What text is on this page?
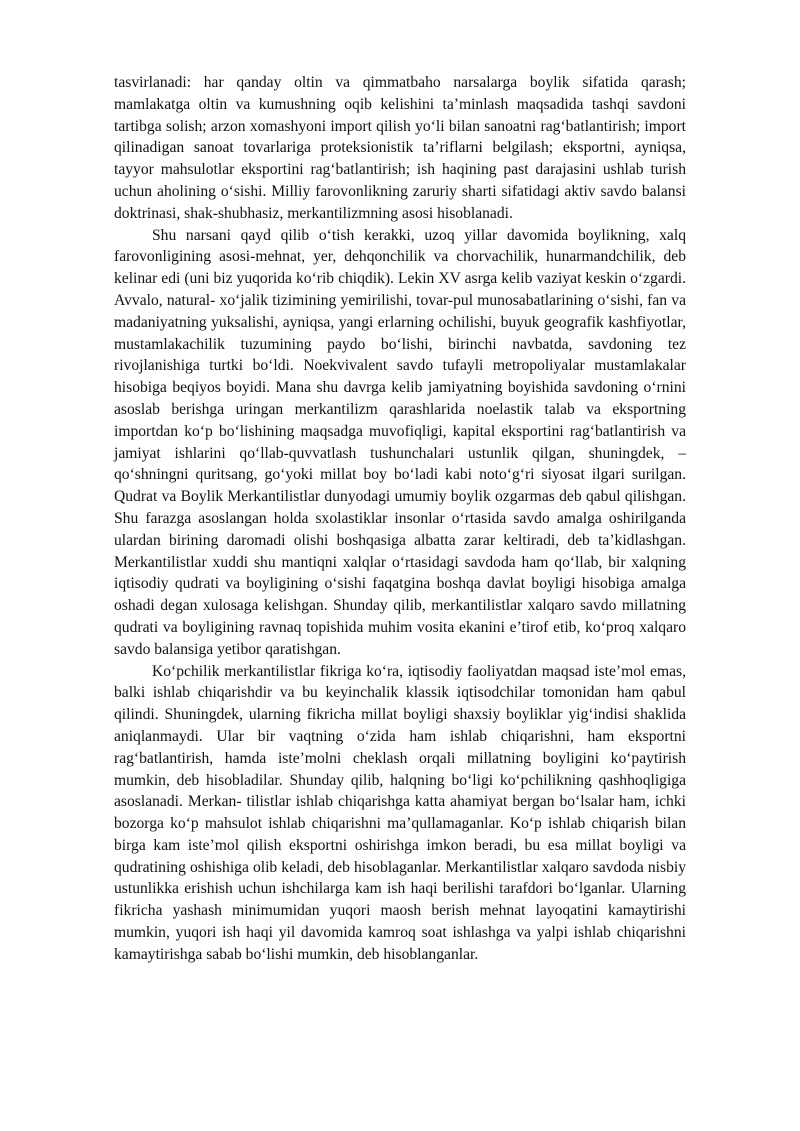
tasvirlanadi: har qanday oltin va qimmatbaho narsalarga boylik sifatida qarash; mamlakatga oltin va kumushning oqib kelishini ta’minlash maqsadida tashqi savdoni tartibga solish; arzon xomashyoni import qilish yo‘li bilan sanoatni rag‘batlantirish; import qilinadigan sanoat tovarlariga proteksionistik ta’riflarni belgilash; eksportni, ayniqsa, tayyor mahsulotlar eksportini rag‘batlantirish; ish haqining past darajasini ushlab turish uchun aholining o‘sishi. Milliy farovonlikning zaruriy sharti sifatidagi aktiv savdo balansi doktrinasi, shak-shubhasiz, merkantilizmning asosi hisoblanadi.

Shu narsani qayd qilib o‘tish kerakki, uzoq yillar davomida boylikning, xalq farovonligining asosi-mehnat, yer, dehqonchilik va chorvachilik, hunarmandchilik, deb kelinar edi (uni biz yuqorida ko‘rib chiqdik). Lekin XV asrga kelib vaziyat keskin o‘zgardi. Avvalo, natural- xo‘jalik tizimining yemirilishi, tovar-pul munosabatlarining o‘sishi, fan va madaniyatning yuksalishi, ayniqsa, yangi erlarning ochilishi, buyuk geografik kashfiyotlar, mustamlakachilik tuzumining paydo bo‘lishi, birinchi navbatda, savdoning tez rivojlanishiga turtki bo‘ldi. Noekvivalent savdo tufayli metropoliyalar mustamlakalar hisobiga beqiyos boyidi. Mana shu davrga kelib jamiyatning boyishida savdoning o‘rnini asoslab berishga uringan merkantilizm qarashlarida noelastik talab va eksportning importdan ko‘p bo‘lishining maqsadga muvofiqligi, kapital eksportini rag‘batlantirish va jamiyat ishlarini qo‘llab-quvvatlash tushunchalari ustunlik qilgan, shuningdek, –qo‘shningni quritsang, go‘yoki millat boy bo‘ladi kabi noto‘g‘ri siyosat ilgari surilgan. Qudrat va Boylik Merkantilistlar dunyodagi umumiy boylik ozgarmas deb qabul qilishgan. Shu farazga asoslangan holda sxolastiklar insonlar o‘rtasida savdo amalga oshirilganda ulardan birining daromadi olishi boshqasiga albatta zarar keltiradi, deb ta’kidlashgan. Merkantilistlar xuddi shu mantiqni xalqlar o‘rtasidagi savdoda ham qo‘llab, bir xalqning iqtisodiy qudrati va boyligining o‘sishi faqatgina boshqa davlat boyligi hisobiga amalga oshadi degan xulosaga kelishgan. Shunday qilib, merkantilistlar xalqaro savdo millatning qudrati va boyligining ravnaq topishida muhim vosita ekanini e’tirof etib, ko‘proq xalqaro savdo balansiga yetibor qaratishgan.

Ko‘pchilik merkantilistlar fikriga ko‘ra, iqtisodiy faoliyatdan maqsad iste’mol emas, balki ishlab chiqarishdir va bu keyinchalik klassik iqtisodchilar tomonidan ham qabul qilindi. Shuningdek, ularning fikricha millat boyligi shaxsiy boyliklar yig‘indisi shaklida aniqlanmaydi. Ular bir vaqtning o‘zida ham ishlab chiqarishni, ham eksportni rag‘batlantirish, hamda iste’molni cheklash orqali millatning boyligini ko‘paytirish mumkin, deb hisobladilar. Shunday qilib, halqning bo‘ligi ko‘pchilikning qashhoqligiga asoslanadi. Merkan- tilistlar ishlab chiqarishga katta ahamiyat bergan bo‘lsalar ham, ichki bozorga ko‘p mahsulot ishlab chiqarishni ma’qullamaganlar. Ko‘p ishlab chiqarish bilan birga kam iste’mol qilish eksportni oshirishga imkon beradi, bu esa millat boyligi va qudratining oshishiga olib keladi, deb hisoblaganlar. Merkantilistlar xalqaro savdoda nisbiy ustunlikka erishish uchun ishchilarga kam ish haqi berilishi tarafdori bo‘lganlar. Ularning fikricha yashash minimumidan yuqori maosh berish mehnat layoqatini kamaytirishi mumkin, yuqori ish haqi yil davomida kamroq soat ishlashga va yalpi ishlab chiqarishni kamaytirishga sabab bo‘lishi mumkin, deb hisoblanganlar.
